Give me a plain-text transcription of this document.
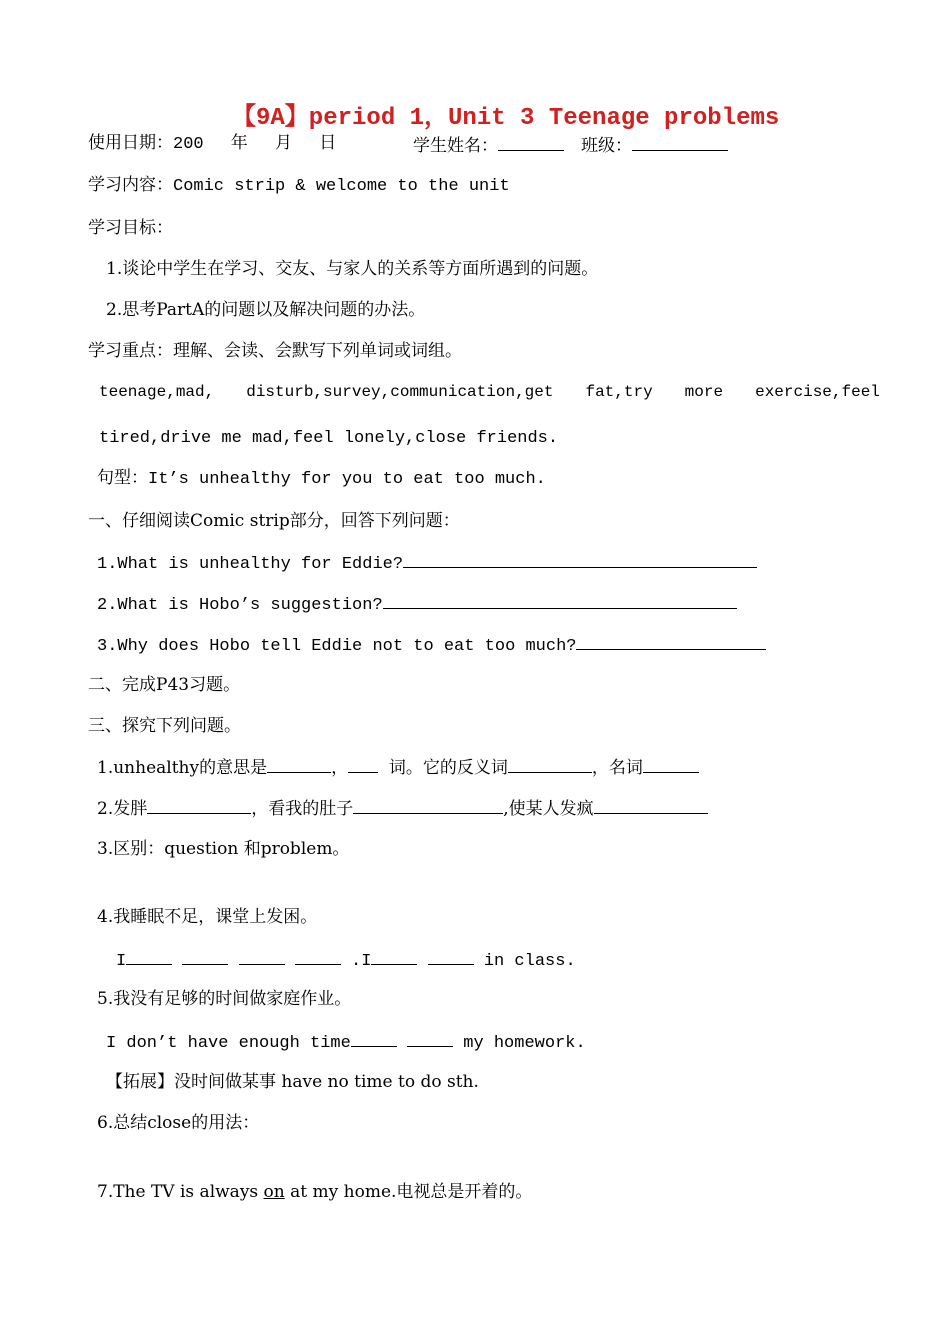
【9A】period 1，Unit 3 Teenage problems
使用日期：200　 年　 月　 日	学生姓名：　	班级：
学习内容：Comic strip & welcome to the unit
学习目标：
1.谈论中学生在学习、交友、与家人的关系等方面所遇到的问题。
2.思考PartA的问题以及解决问题的办法。
学习重点：理解、会读、会默写下列单词或词组。
teenage,mad,　　disturb,survey,communication,get　　fat,try　　more　　exercise,feel
tired,drive me mad,feel lonely,close friends.
句型：It’s unhealthy for you to eat too much.
一、仔细阅读Comic strip部分，回答下列问题：
1.What is unhealthy for Eddie?
2.What is Hobo’s suggestion?
3.Why does Hobo tell Eddie not to eat too much?
二、完成P43习题。
三、探究下列问题。
1.unhealthy的意思是	， 词。它的反义词	，名词
2.发胖	，看我的肚子	,使某人发疯
3.区别：question 和problem。
4.我睡眠不足，课堂上发困。
I	.I	in class.
5.我没有足够的时间做家庭作业。
I don’t have enough time	my homework.
【拓展】没时间做某事 have no time to do sth.
6.总结close的用法：
7.The TV is always on at my home.电视总是开着的。
